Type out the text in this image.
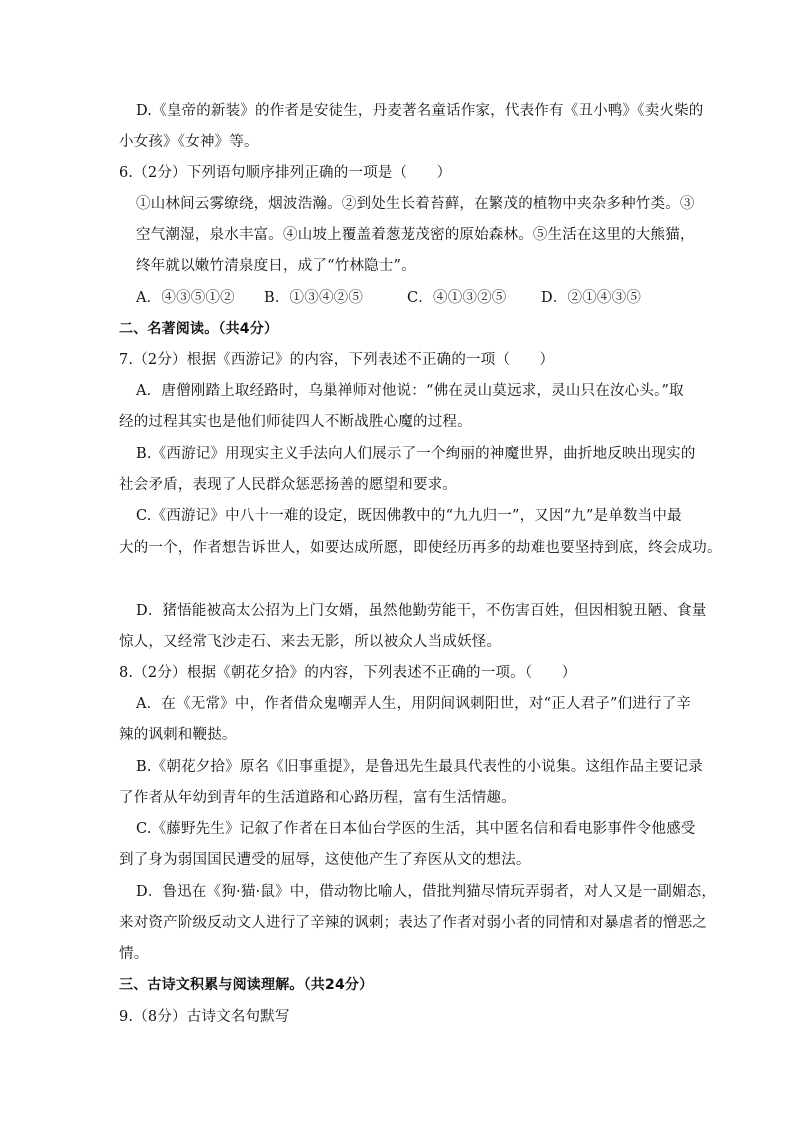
D.《皇帝的新装》的作者是安徒生，丹麦著名童话作家，代表作有《丑小鸭》《卖火柴的
小女孩》《女神》等。
6.（2分）下列语句顺序排列正确的一项是（　　）
①山林间云雾缭绕，烟波浩瀚。②到处生长着苔藓，在繁茂的植物中夹杂多种竹类。③
空气潮湿，泉水丰富。④山坡上覆盖着葱茏茂密的原始森林。⑤生活在这里的大熊猫，
终年就以嫩竹清泉度日，成了“竹林隐士”。
A．④③⑤①② B．①③④②⑤	C．④①③②⑤ D．②①④③⑤
二、名著阅读。（共4分）
7.（2分）根据《西游记》的内容，下列表述不正确的一项（　　）
A．唐僧刚踏上取经路时，乌巢禅师对他说：“佛在灵山莫远求，灵山只在汝心头。”取
经的过程其实也是他们师徒四人不断战胜心魔的过程。
B.《西游记》用现实主义手法向人们展示了一个绚丽的神魔世界，曲折地反映出现实的
社会矛盾，表现了人民群众惩恶扬善的愿望和要求。
C.《西游记》中八十一难的设定，既因佛教中的“九九归一”，又因“九”是单数当中最
大的一个，作者想告诉世人，如要达成所愿，即使经历再多的劫难也要坚持到底，终会成功。
D．猪悟能被高太公招为上门女婿，虽然他勤劳能干，不伤害百姓，但因相貌丑陋、食量
惊人，又经常飞沙走石、来去无影，所以被众人当成妖怪。
8.（2分）根据《朝花夕拾》的内容，下列表述不正确的一项。（　　）
A．在《无常》中，作者借众鬼嘲弄人生，用阴间讽刺阳世，对“正人君子”们进行了辛
辣的讽刺和鞭挞。
B.《朝花夕拾》原名《旧事重提》，是鲁迅先生最具代表性的小说集。这组作品主要记录
了作者从年幼到青年的生活道路和心路历程，富有生活情趣。
C.《藤野先生》记叙了作者在日本仙台学医的生活，其中匿名信和看电影事件令他感受
到了身为弱国国民遭受的屈辱，这使他产生了弃医从文的想法。
D．鲁迅在《狗·猫·鼠》中，借动物比喻人，借批判猫尽情玩弄弱者，对人又是一副媚态，
来对资产阶级反动文人进行了辛辣的讽刺；表达了作者对弱小者的同情和对暴虐者的憎恶之
情。
三、古诗文积累与阅读理解。（共24分）
9.（8分）古诗文名句默写
